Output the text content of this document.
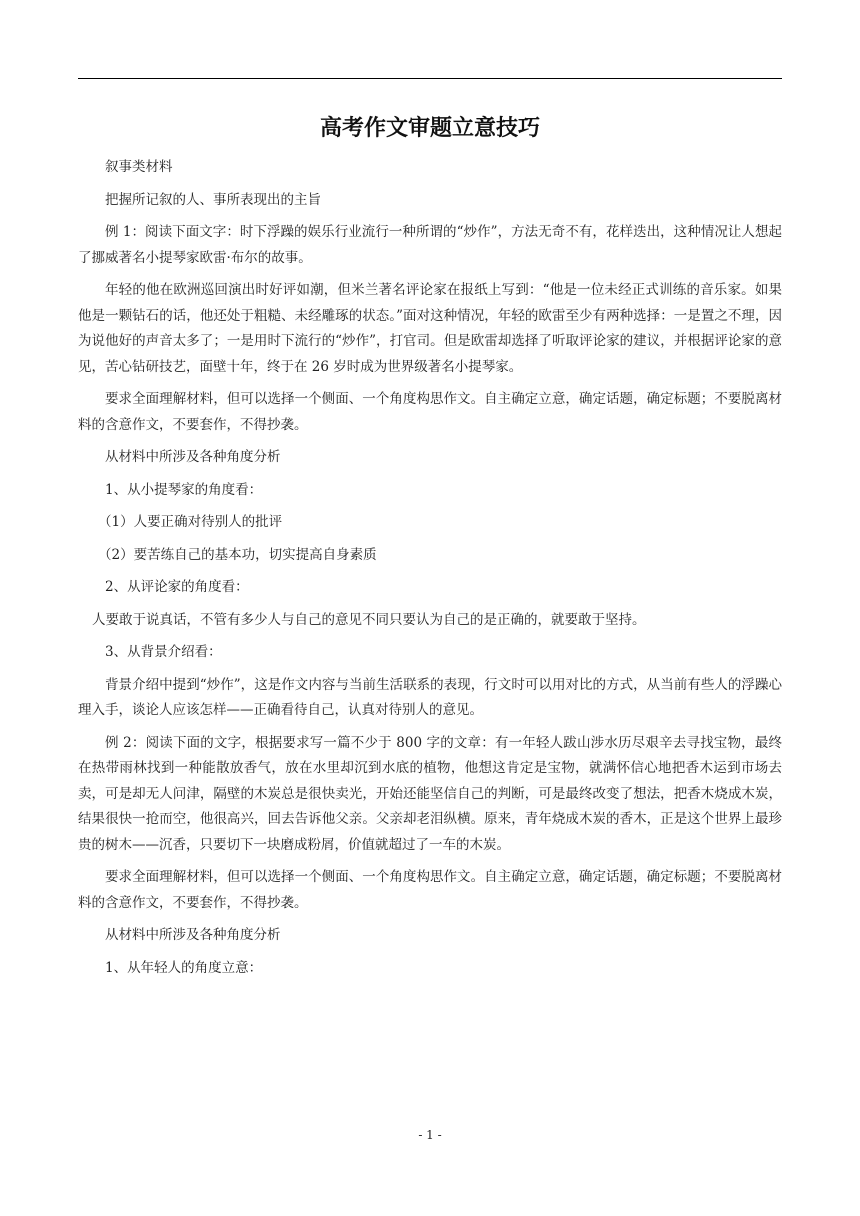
高考作文审题立意技巧

叙事类材料

把握所记叙的人、事所表现出的主旨

例 1：阅读下面文字：时下浮躁的娱乐行业流行一种所谓的“炒作”，方法无奇不有，花样迭出，这种情况让人想起了挪威著名小提琴家欧雷·布尔的故事。

年轻的他在欧洲巡回演出时好评如潮，但米兰著名评论家在报纸上写到：“他是一位未经正式训练的音乐家。如果他是一颗钻石的话，他还处于粗糙、未经雕琢的状态。”面对这种情况，年轻的欧雷至少有两种选择：一是置之不理，因为说他好的声音太多了；一是用时下流行的“炒作”，打官司。但是欧雷却选择了听取评论家的建议，并根据评论家的意见，苦心钻研技艺，面壁十年，终于在 26 岁时成为世界级著名小提琴家。

要求全面理解材料，但可以选择一个侧面、一个角度构思作文。自主确定立意，确定话题，确定标题；不要脱离材料的含意作文，不要套作，不得抄袭。

从材料中所涉及各种角度分析

1、从小提琴家的角度看：

（1）人要正确对待别人的批评

（2）要苦练自己的基本功，切实提高自身素质

2、从评论家的角度看：

人要敢于说真话，不管有多少人与自己的意见不同只要认为自己的是正确的，就要敢于坚持。

3、从背景介绍看：

背景介绍中提到“炒作”，这是作文内容与当前生活联系的表现，行文时可以用对比的方式，从当前有些人的浮躁心理入手，谈论人应该怎样——正确看待自己，认真对待别人的意见。

例 2：阅读下面的文字，根据要求写一篇不少于 800 字的文章：有一年轻人跋山涉水历尽艰辛去寻找宝物，最终在热带雨林找到一种能散放香气，放在水里却沉到水底的植物，他想这肯定是宝物，就满怀信心地把香木运到市场去卖，可是却无人问津，隔壁的木炭总是很快卖光，开始还能坚信自己的判断，可是最终改变了想法，把香木烧成木炭，结果很快一抢而空，他很高兴，回去告诉他父亲。父亲却老泪纵横。原来，青年烧成木炭的香木，正是这个世界上最珍贵的树木——沉香，只要切下一块磨成粉屑，价值就超过了一车的木炭。

要求全面理解材料，但可以选择一个侧面、一个角度构思作文。自主确定立意，确定话题，确定标题；不要脱离材料的含意作文，不要套作，不得抄袭。

从材料中所涉及各种角度分析

1、从年轻人的角度立意：

- 1 -
